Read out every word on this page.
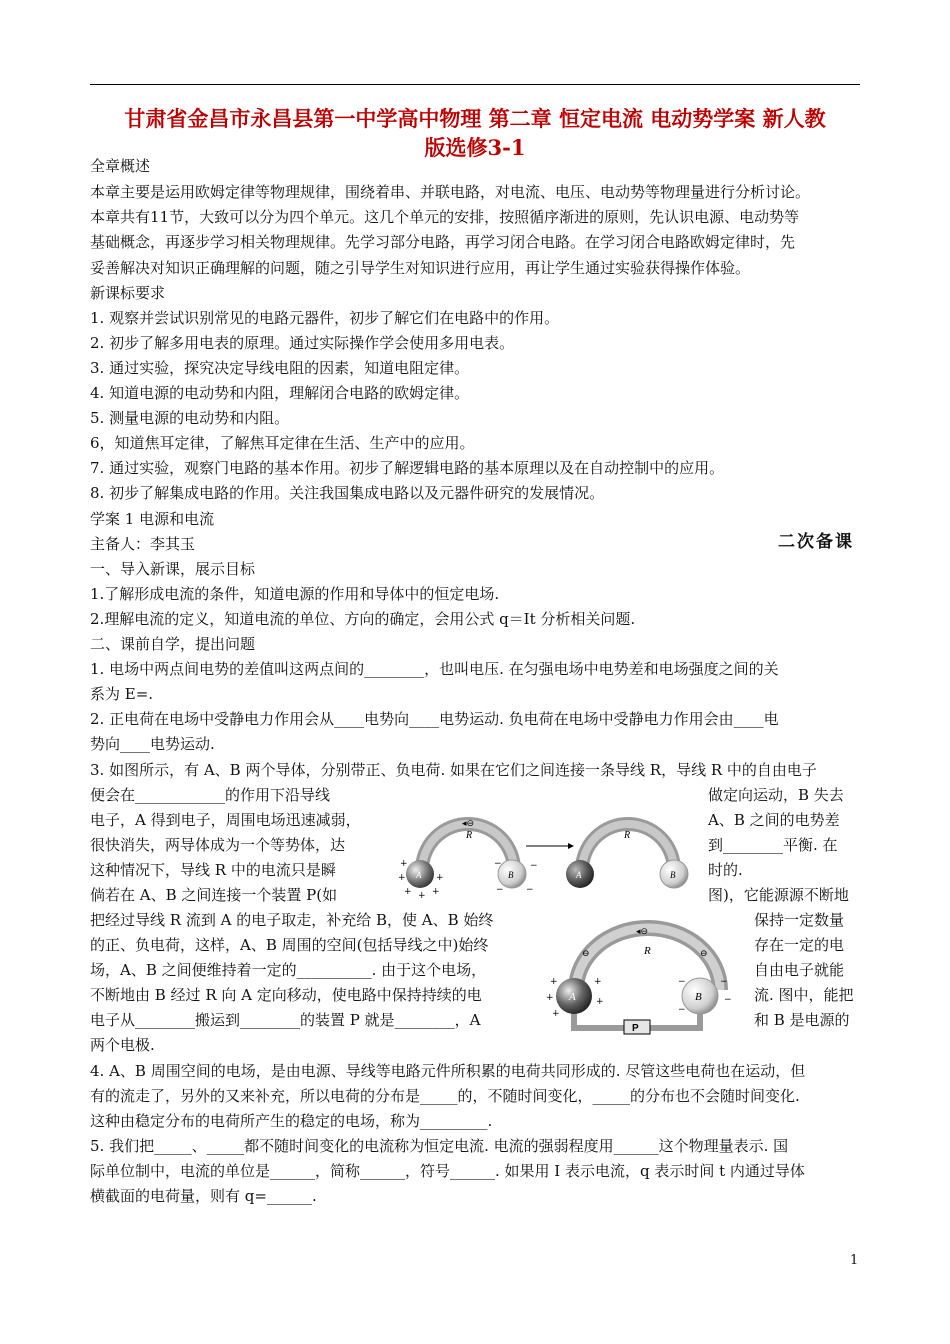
甘肃省金昌市永昌县第一中学高中物理 第二章 恒定电流 电动势学案 新人教
版选修3-1
全章概述
本章主要是运用欧姆定律等物理规律，围绕着串、并联电路，对电流、电压、电动势等物理量进行分析讨论。
本章共有11节，大致可以分为四个单元。这几个单元的安排，按照循序渐进的原则，先认识电源、电动势等
基础概念，再逐步学习相关物理规律。先学习部分电路，再学习闭合电路。在学习闭合电路欧姆定律时，先
妥善解决对知识正确理解的问题，随之引导学生对知识进行应用，再让学生通过实验获得操作体验。
新课标要求
1. 观察并尝试识别常见的电路元器件，初步了解它们在电路中的作用。
2. 初步了解多用电表的原理。通过实际操作学会使用多用电表。
3. 通过实验，探究决定导线电阻的因素，知道电阻定律。
4. 知道电源的电动势和内阻，理解闭合电路的欧姆定律。
5. 测量电源的电动势和内阻。
6，知道焦耳定律，了解焦耳定律在生活、生产中的应用。
7. 通过实验，观察门电路的基本作用。初步了解逻辑电路的基本原理以及在自动控制中的应用。
8. 初步了解集成电路的作用。关注我国集成电路以及元器件研究的发展情况。
学案 1 电源和电流
二次备课
主备人：李其玉
一、导入新课，展示目标
1.了解形成电流的条件，知道电源的作用和导体中的恒定电场.
2.理解电流的定义，知道电流的单位、方向的确定，会用公式 q＝It 分析相关问题.
二、课前自学，提出问题
1. 电场中两点间电势的差值叫这两点间的________，也叫电压. 在匀强电场中电势差和电场强度之间的关
系为 E=.
2. 正电荷在电场中受静电力作用会从____电势向____电势运动. 负电荷在电场中受静电力作用会由____电
势向____电势运动.
3. 如图所示，有 A、B 两个导体，分别带正、负电荷. 如果在它们之间连接一条导线 R，导线 R 中的自由电子
便会在____________的作用下沿导线
电子，A 得到电子，周围电场迅速减弱，
很快消失，两导体成为一个等势体，达
这种情况下，导线 R 中的电流只是瞬
倘若在 A、B 之间连接一个装置 P(如
把经过导线 R 流到 A 的电子取走，补充给 B，使 A、B 始终
的正、负电荷，这样，A、B 周围的空间(包括导线之中)始终
场，A、B 之间便维持着一定的__________. 由于这个电场，
不断地由 B 经过 R 向 A 定向移动，使电路中保持持续的电
电子从________搬运到________的装置 P 就是________，A
两个电极.
做定向运动，B 失去
A、B 之间的电势差
到________平衡. 在
时的.
图)，它能源源不断地
保持一定数量
存在一定的电
自由电子就能
流. 图中，能把
和 B 是电源的
R
◂⊖
A
+
+
+ + +
+	B
−	−
− −
R
A	B
R
◂⊖
⊖	⊖
P
A
+
+
+
+
+	B
−	−
−
−
4. A、B 周围空间的电场，是由电源、导线等电路元件所积累的电荷共同形成的. 尽管这些电荷也在运动，但
有的流走了，另外的又来补充，所以电荷的分布是_____的，不随时间变化，_____的分布也不会随时间变化.
这种由稳定分布的电荷所产生的稳定的电场，称为_________.
5. 我们把_____、_____都不随时间变化的电流称为恒定电流. 电流的强弱程度用______这个物理量表示. 国
际单位制中，电流的单位是______，简称______，符号______. 如果用 I 表示电流，q 表示时间 t 内通过导体
横截面的电荷量，则有 q=______.
1
